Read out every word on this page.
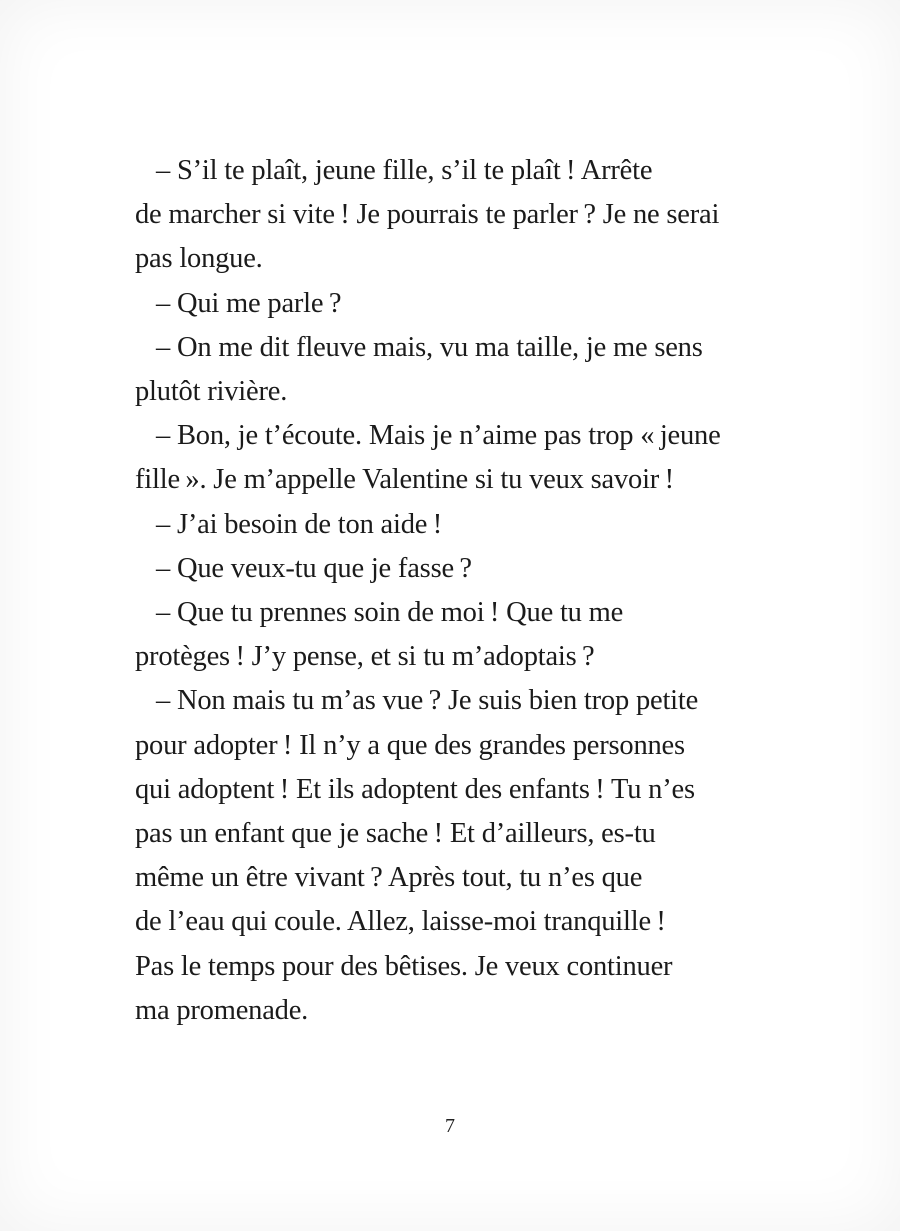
– S’il te plaît, jeune fille, s’il te plaît ! Arrête
de marcher si vite ! Je pourrais te parler ? Je ne serai
pas longue.

– Qui me parle ?

– On me dit fleuve mais, vu ma taille, je me sens
plutôt rivière.

– Bon, je t’écoute. Mais je n’aime pas trop « jeune
fille ». Je m’appelle Valentine si tu veux savoir !

– J’ai besoin de ton aide !

– Que veux-tu que je fasse ?

– Que tu prennes soin de moi ! Que tu me
protèges ! J’y pense, et si tu m’adoptais ?

– Non mais tu m’as vue ? Je suis bien trop petite
pour adopter ! Il n’y a que des grandes personnes
qui adoptent ! Et ils adoptent des enfants ! Tu n’es
pas un enfant que je sache ! Et d’ailleurs, es-tu
même un être vivant ? Après tout, tu n’es que
de l’eau qui coule. Allez, laisse-moi tranquille !
Pas le temps pour des bêtises. Je veux continuer
ma promenade.

7
